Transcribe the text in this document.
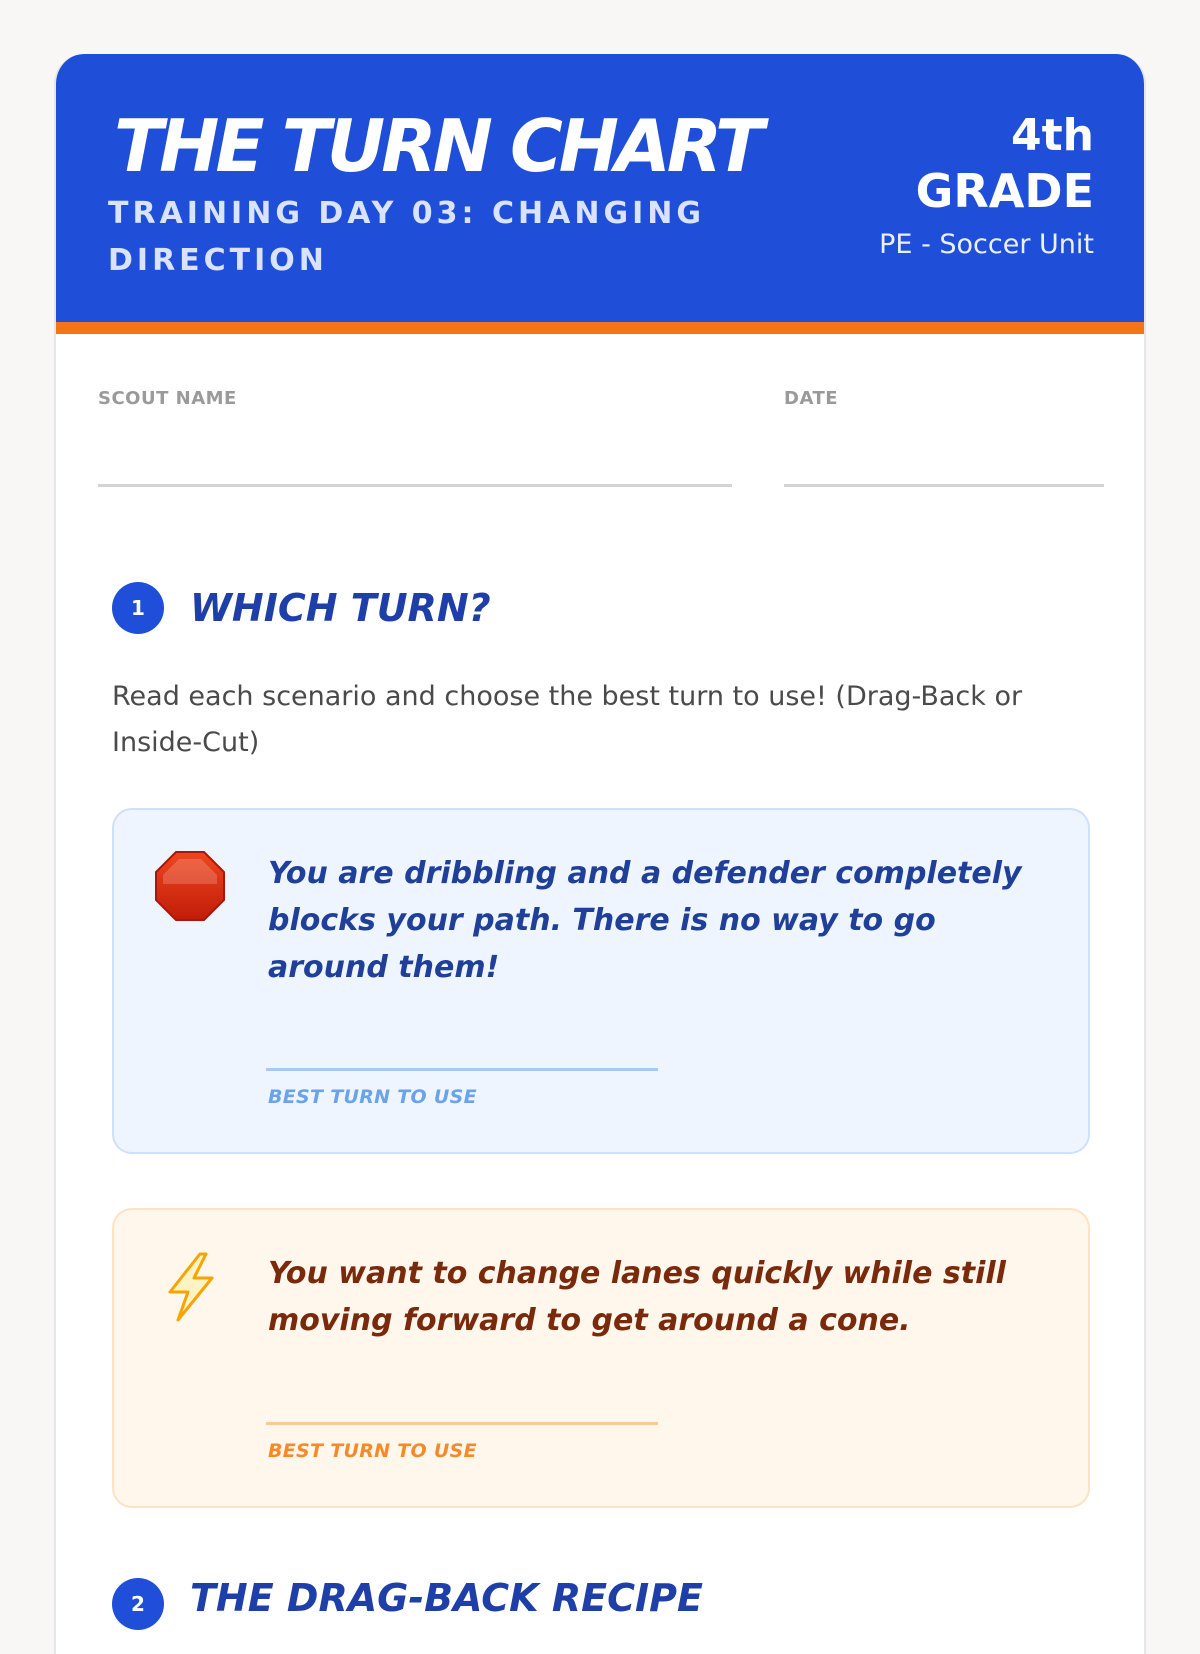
THE TURN CHART
TRAINING DAY 03: CHANGING DIRECTION
4th
GRADE
PE - Soccer Unit
SCOUT NAME	DATE
1	WHICH TURN?
Read each scenario and choose the best turn to use! (Drag-Back or Inside-Cut)
You are dribbling and a defender completely blocks your path. There is no way to go around them!
BEST TURN TO USE
You want to change lanes quickly while still moving forward to get around a cone.
BEST TURN TO USE
2	THE DRAG-BACK RECIPE
